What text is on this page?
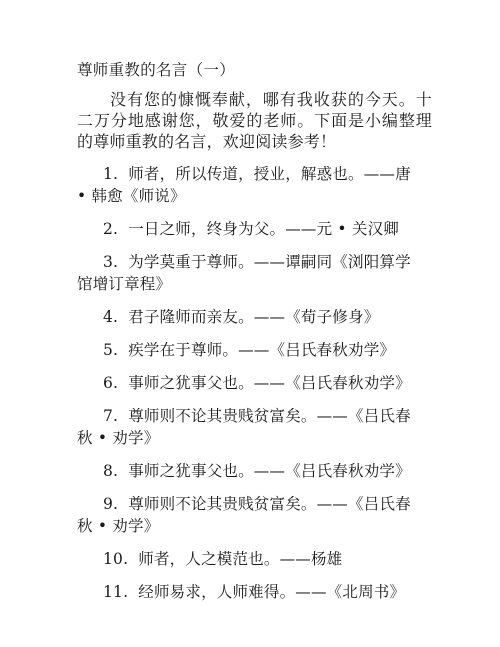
尊师重教的名言（一）

没有您的慷慨奉献，哪有我收获的今天。十二万分地感谢您，敬爱的老师。下面是小编整理的尊师重教的名言，欢迎阅读参考！

1. 师者，所以传道，授业，解惑也。——唐 • 韩愈《师说》
2. 一日之师，终身为父。——元 • 关汉卿
3. 为学莫重于尊师。——谭嗣同《浏阳算学馆增订章程》
4. 君子隆师而亲友。——《荀子修身》
5. 疾学在于尊师。——《吕氏春秋劝学》
6. 事师之犹事父也。——《吕氏春秋劝学》
7. 尊师则不论其贵贱贫富矣。——《吕氏春秋 • 劝学》
8. 事师之犹事父也。——《吕氏春秋劝学》
9. 尊师则不论其贵贱贫富矣。——《吕氏春秋 • 劝学》
10. 师者，人之模范也。——杨雄
11. 经师易求，人师难得。——《北周书》
